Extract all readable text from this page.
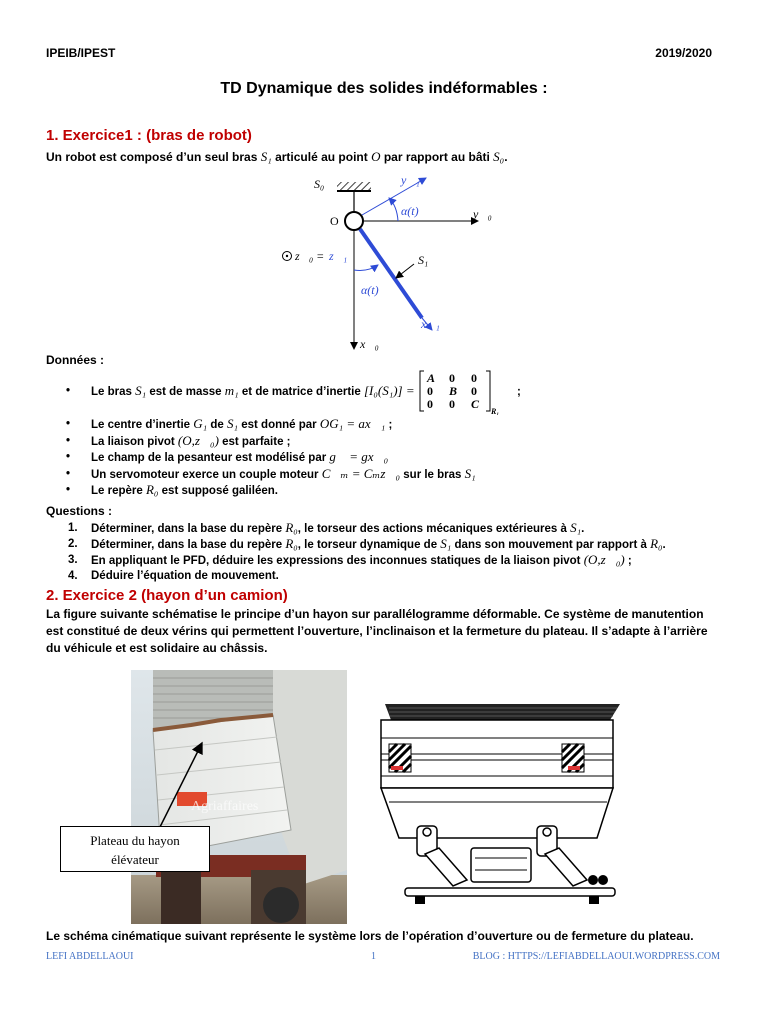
IPEIB/IPEST	2019/2020
TD Dynamique des solides indéformables :
1. Exercice1 : (bras de robot)
Un robot est composé d’un seul bras S₁ articulé au point O par rapport au bâti S₀.
S₀
y⃗₀
y⃗₁
α(t)
x⃗₀
x⃗₁
O
z⃗₀ = z⃗₁	S₁
α(t)
Données :
• Le bras S₁ est de masse m₁ et de matrice d’inertie [I₀(S₁)] =
A 0 0
0 B 0
0 0 C
R₁
;
• Le centre d’inertie G₁ de S₁ est donné par OG₁ = ax⃗₁ ;
• La liaison pivot (O,z⃗₀) est parfaite ;
• Le champ de la pesanteur est modélisé par g⃗ = gx⃗₀
• Un servomoteur exerce un couple moteur C⃗ₘ = Cₘz⃗₀ sur le bras S₁
• Le repère R₀ est supposé galiléen.
Questions :
1. Déterminer, dans la base du repère R₀, le torseur des actions mécaniques extérieures à S₁.
2. Déterminer, dans la base du repère R₀, le torseur dynamique de S₁ dans son mouvement par rapport à R₀.
3. En appliquant le PFD, déduire les expressions des inconnues statiques de la liaison pivot (O,z⃗₀) ;
4. Déduire l’équation de mouvement.
2. Exercice 2 (hayon d’un camion)
La figure suivante schématise le principe d’un hayon sur parallélogramme déformable. Ce système de manutention est constitué de deux vérins qui permettent l’ouverture, l’inclinaison et la fermeture du plateau. Il s’adapte à l’arrière du véhicule et est solidaire au châssis.
Agriaffaires
Plateau du hayon
élévateur
Le schéma cinématique suivant représente le système lors de l’opération d’ouverture ou de fermeture du plateau.
LEFI ABDELLAOUI	1	BLOG : HTTPS://LEFIABDELLAOUI.WORDPRESS.COM
